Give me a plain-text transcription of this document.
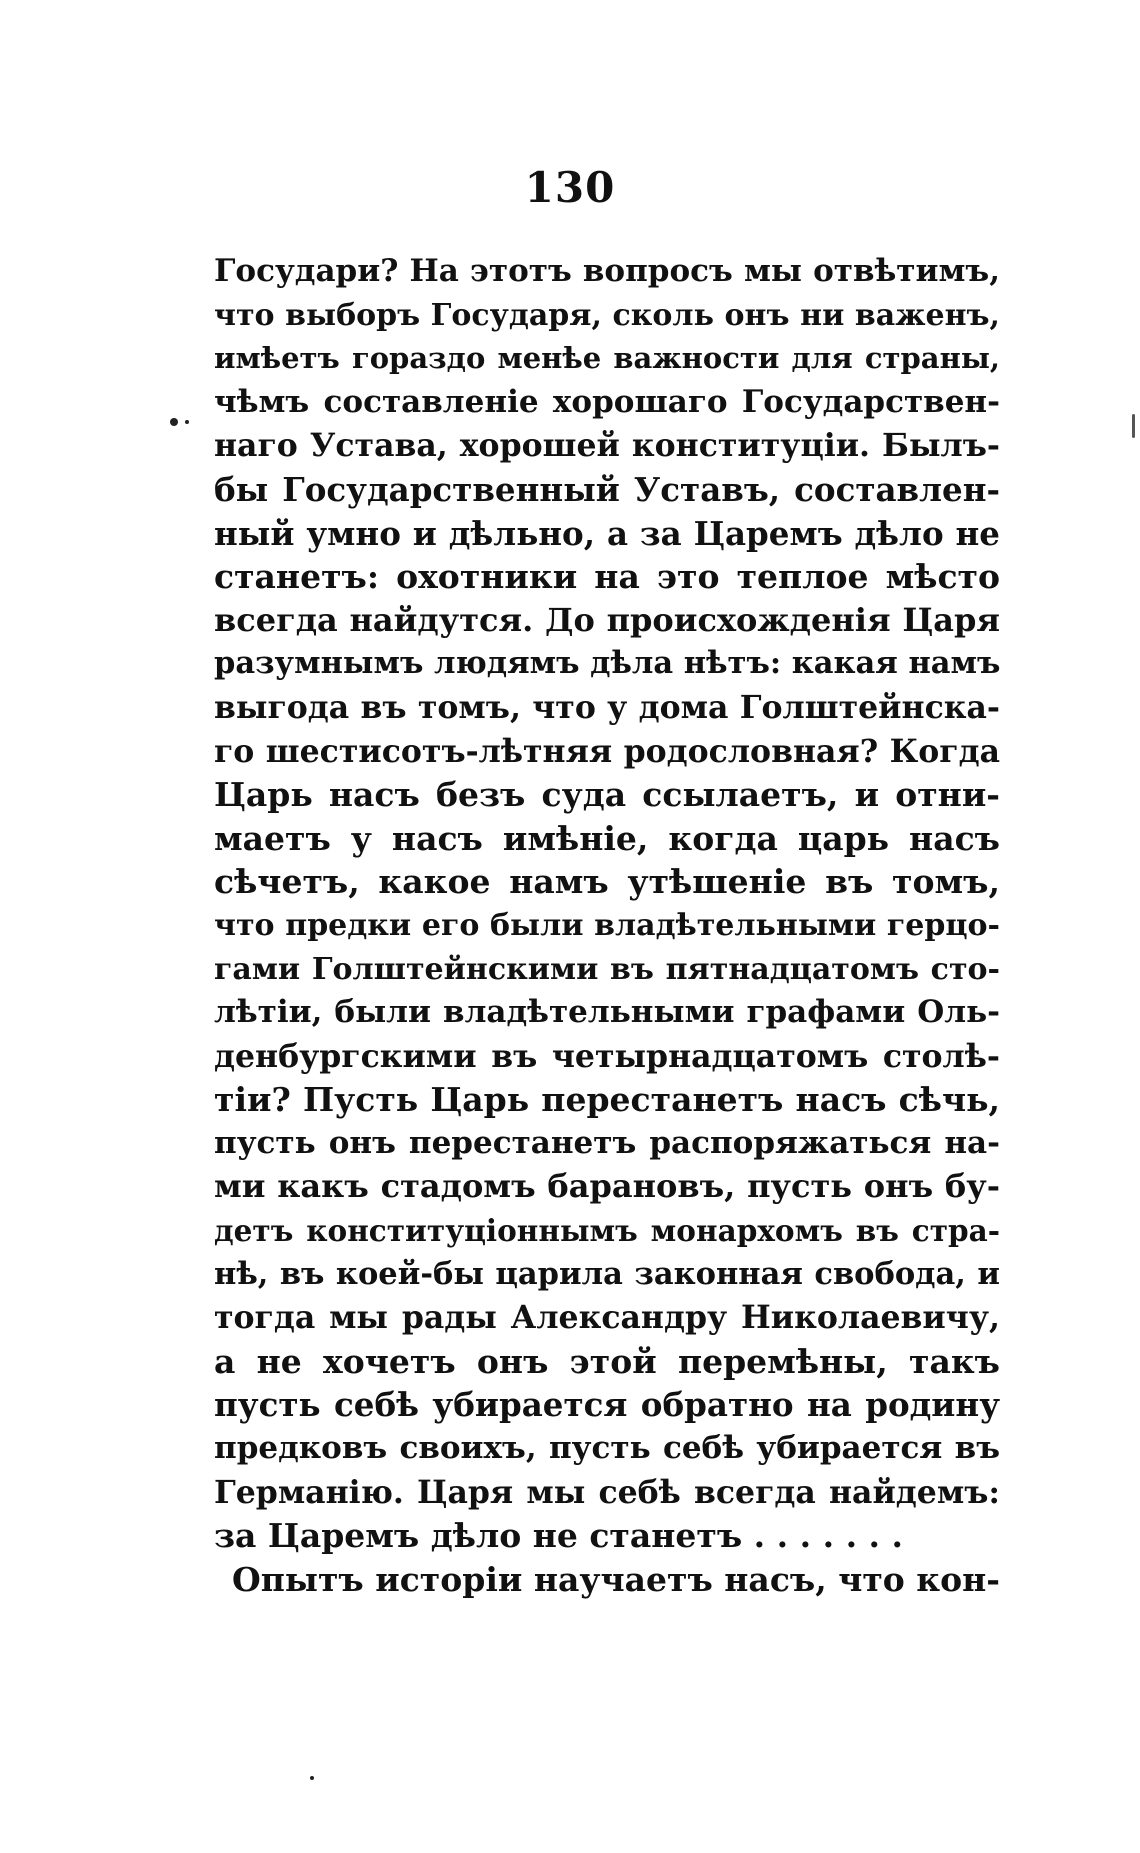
130
Государи? На этотъ вопросъ мы отвѣтимъ,
что выборъ Государя, сколь онъ ни важенъ,
имѣетъ гораздо менѣе важности для страны,
чѣмъ составленіе хорошаго Государствен-
наго Устава, хорошей конституціи. Былъ-
бы Государственный Уставъ, составлен-
ный умно и дѣльно, а за Царемъ дѣло не
станетъ: охотники на это теплое мѣсто
всегда найдутся. До происхожденія Царя
разумнымъ людямъ дѣла нѣтъ: какая намъ
выгода въ томъ, что у дома Голштейнска-
го шестисотъ-лѣтняя родословная? Когда
Царь насъ безъ суда ссылаетъ, и отни-
маетъ у насъ имѣніе, когда царь насъ
сѣчетъ, какое намъ утѣшеніе въ томъ,
что предки его были владѣтельными герцо-
гами Голштейнскими въ пятнадцатомъ сто-
лѣтіи, были владѣтельными графами Оль-
денбургскими въ четырнадцатомъ столѣ-
тіи? Пусть Царь перестанетъ насъ сѣчь,
пусть онъ перестанетъ распоряжаться на-
ми какъ стадомъ барановъ, пусть онъ бу-
детъ конституціоннымъ монархомъ въ стра-
нѣ, въ коей-бы царила законная свобода, и
тогда мы рады Александру Николаевичу,
а не хочетъ онъ этой перемѣны, такъ
пусть себѣ убирается обратно на родину
предковъ своихъ, пусть себѣ убирается въ
Германію. Царя мы себѣ всегда найдемъ:
за Царемъ дѣло не станетъ . . . . . . .
Опытъ исторіи научаетъ насъ, что кон-
